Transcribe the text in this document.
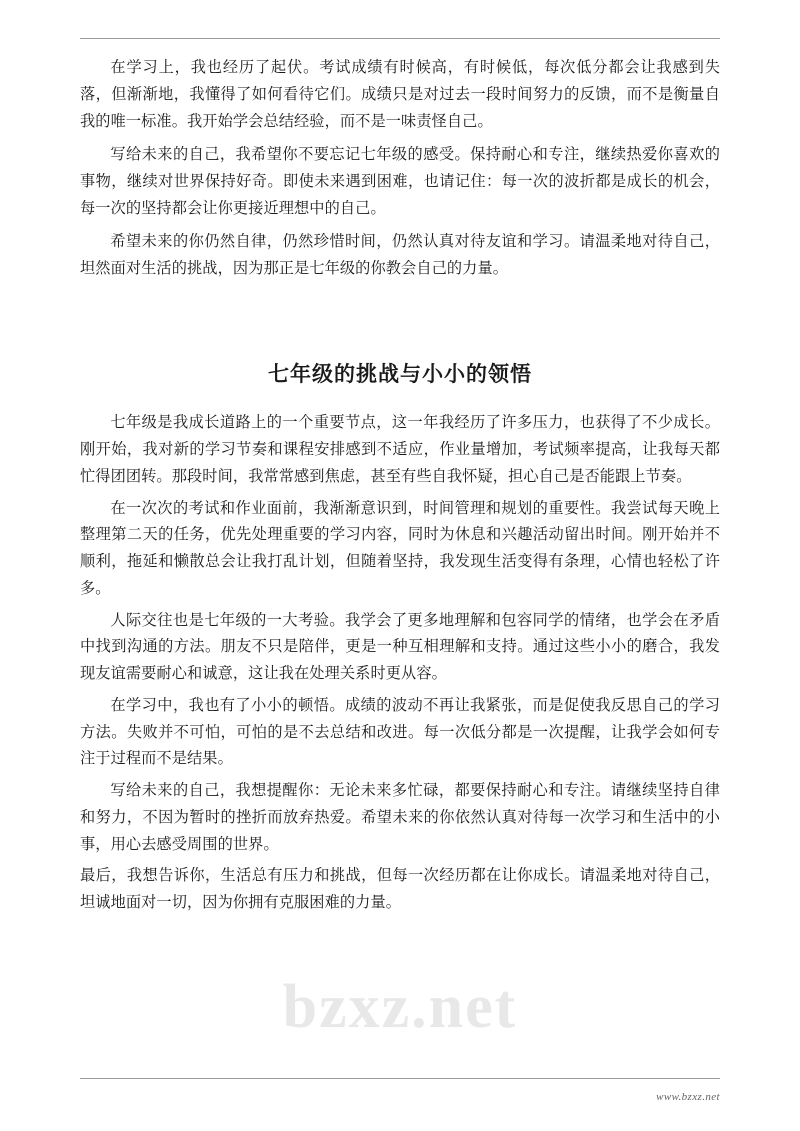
在学习上，我也经历了起伏。考试成绩有时候高，有时候低，每次低分都会让我感到失落，但渐渐地，我懂得了如何看待它们。成绩只是对过去一段时间努力的反馈，而不是衡量自我的唯一标准。我开始学会总结经验，而不是一味责怪自己。

写给未来的自己，我希望你不要忘记七年级的感受。保持耐心和专注，继续热爱你喜欢的事物，继续对世界保持好奇。即使未来遇到困难，也请记住：每一次的波折都是成长的机会，每一次的坚持都会让你更接近理想中的自己。

希望未来的你仍然自律，仍然珍惜时间，仍然认真对待友谊和学习。请温柔地对待自己，坦然面对生活的挑战，因为那正是七年级的你教会自己的力量。

七年级的挑战与小小的领悟

七年级是我成长道路上的一个重要节点，这一年我经历了许多压力，也获得了不少成长。刚开始，我对新的学习节奏和课程安排感到不适应，作业量增加，考试频率提高，让我每天都忙得团团转。那段时间，我常常感到焦虑，甚至有些自我怀疑，担心自己是否能跟上节奏。

在一次次的考试和作业面前，我渐渐意识到，时间管理和规划的重要性。我尝试每天晚上整理第二天的任务，优先处理重要的学习内容，同时为休息和兴趣活动留出时间。刚开始并不顺利，拖延和懒散总会让我打乱计划，但随着坚持，我发现生活变得有条理，心情也轻松了许多。

人际交往也是七年级的一大考验。我学会了更多地理解和包容同学的情绪，也学会在矛盾中找到沟通的方法。朋友不只是陪伴，更是一种互相理解和支持。通过这些小小的磨合，我发现友谊需要耐心和诚意，这让我在处理关系时更从容。

在学习中，我也有了小小的顿悟。成绩的波动不再让我紧张，而是促使我反思自己的学习方法。失败并不可怕，可怕的是不去总结和改进。每一次低分都是一次提醒，让我学会如何专注于过程而不是结果。

写给未来的自己，我想提醒你：无论未来多忙碌，都要保持耐心和专注。请继续坚持自律和努力，不因为暂时的挫折而放弃热爱。希望未来的你依然认真对待每一次学习和生活中的小事，用心去感受周围的世界。

最后，我想告诉你，生活总有压力和挑战，但每一次经历都在让你成长。请温柔地对待自己，坦诚地面对一切，因为你拥有克服困难的力量。

bzxz.net
www.bzxz.net
